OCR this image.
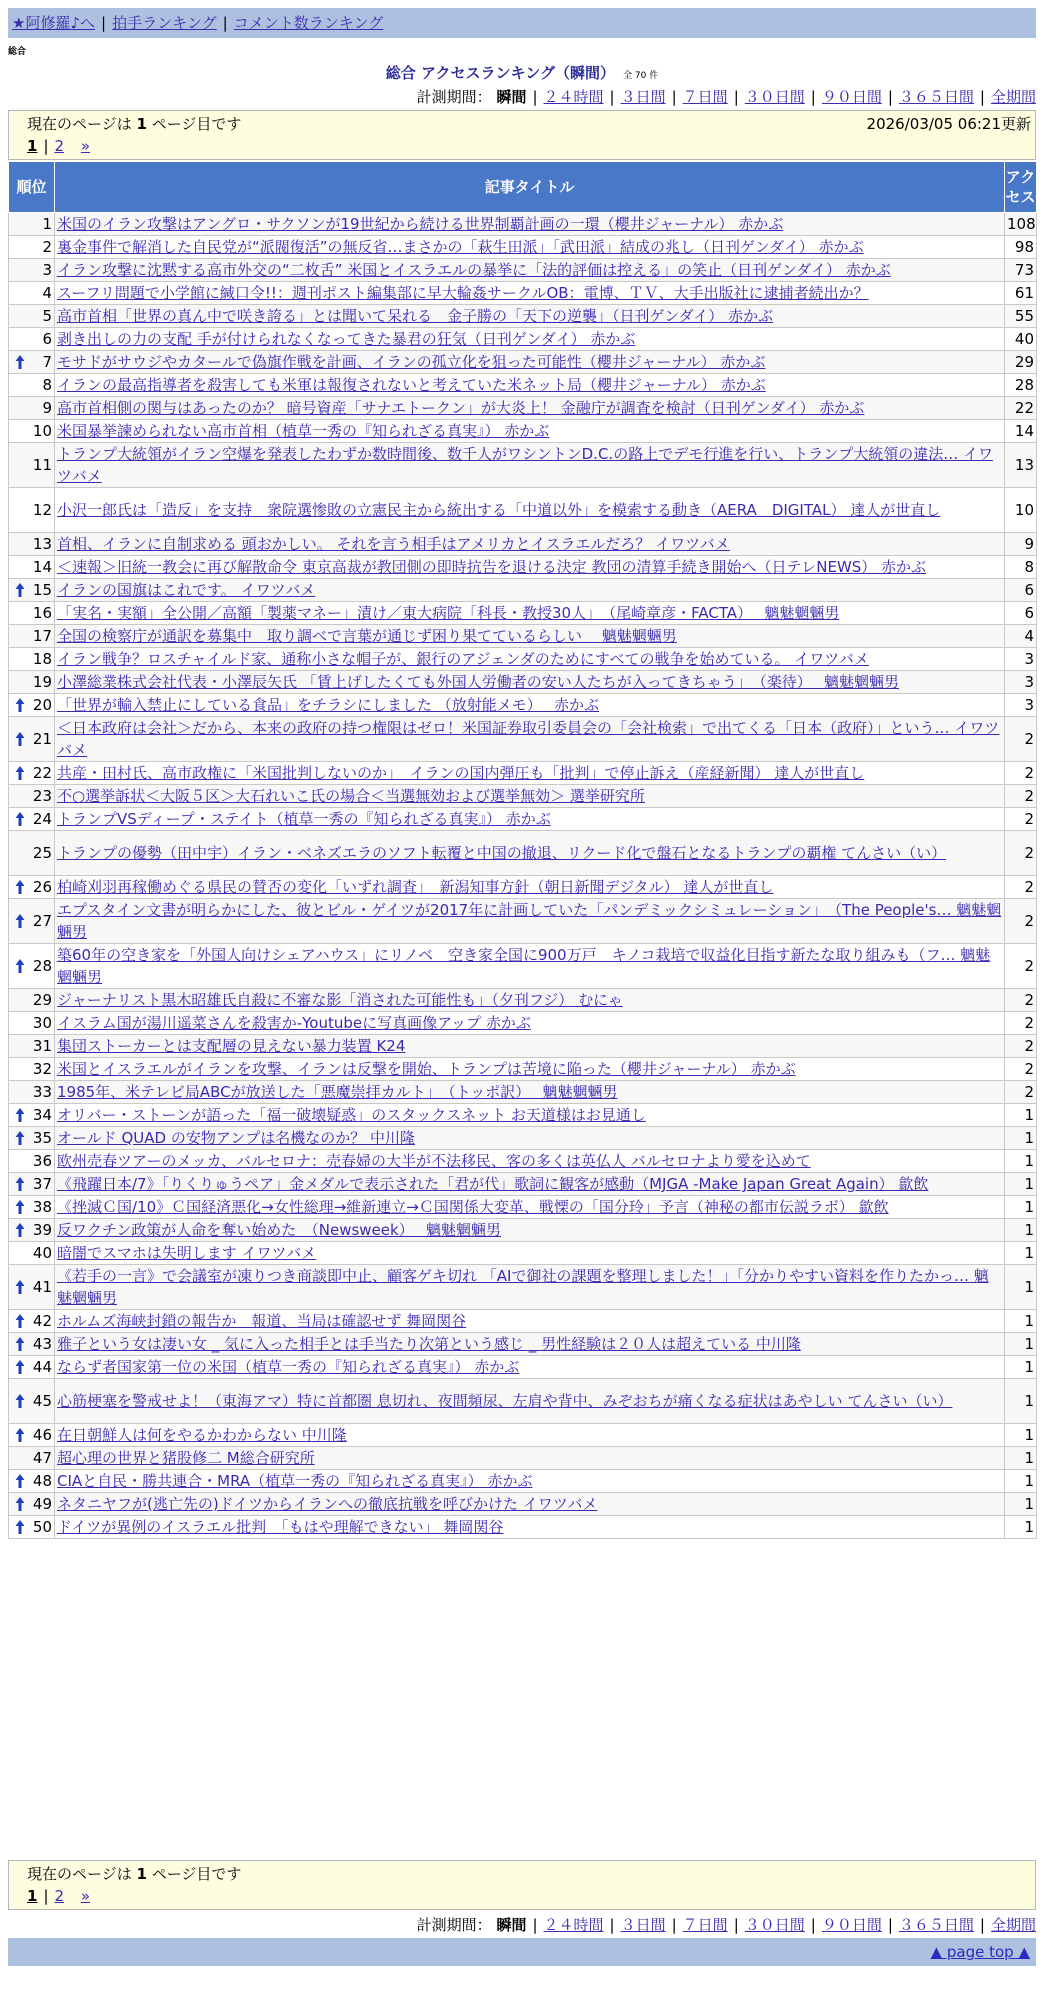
★阿修羅♪へ | 拍手ランキング | コメント数ランキング
総合
総合 アクセスランキング（瞬間） 全 70 件
計測期間： 瞬間 | ２４時間 | ３日間 | ７日間 | ３０日間 | ９０日間 | ３６５日間 | 全期間
現在のページは 1 ページ目です	2026/03/05 06:21更新
1 | 2 »
順位	記事タイトル	アクセス
1	米国のイラン攻撃はアングロ・サクソンが19世紀から続ける世界制覇計画の一環（櫻井ジャーナル） 赤かぶ	108
2	裏金事件で解消した自民党が“派閥復活”の無反省…まさかの「萩生田派」「武田派」結成の兆し（日刊ゲンダイ） 赤かぶ	98
3	イラン攻撃に沈黙する高市外交の“二枚舌” 米国とイスラエルの暴挙に「法的評価は控える」の笑止（日刊ゲンダイ） 赤かぶ	73
4	スーフリ問題で小学館に緘口令!!：週刊ポスト編集部に早大輪姦サークルOB：電博、ＴＶ、大手出版社に逮捕者続出か？	61
5	高市首相「世界の真ん中で咲き誇る」とは聞いて呆れる　金子勝の「天下の逆襲」（日刊ゲンダイ） 赤かぶ	55
6	剥き出しの力の支配 手が付けられなくなってきた暴君の狂気（日刊ゲンダイ） 赤かぶ	40

7	モサドがサウジやカタールで偽旗作戦を計画、イランの孤立化を狙った可能性（櫻井ジャーナル） 赤かぶ	29
8	イランの最高指導者を殺害しても米軍は報復されないと考えていた米ネット局（櫻井ジャーナル） 赤かぶ	28
9	高市首相側の関与はあったのか？ 暗号資産「サナエトークン」が大炎上！ 金融庁が調査を検討（日刊ゲンダイ） 赤かぶ	22
10	米国暴挙諫められない高市首相（植草一秀の『知られざる真実』） 赤かぶ	14
11	トランプ大統領がイラン空爆を発表したわずか数時間後、数千人がワシントンD.C.の路上でデモ行進を行い、トランプ大統領の違法… イワツバメ	13
12	小沢一郎氏は「造反」を支持　衆院選惨敗の立憲民主から統出する「中道以外」を模索する動き（AERA　DIGITAL） 達人が世直し	10
13	首相、イランに自制求める 頭おかしい。 それを言う相手はアメリカとイスラエルだろ？ イワツバメ	9
14	＜速報＞旧統一教会に再び解散命令 東京高裁が教団側の即時抗告を退ける決定 教団の清算手続き開始へ（日テレNEWS） 赤かぶ	8

15	イランの国旗はこれです。 イワツバメ	6
16	「実名・実額」全公開／高額「製薬マネー」漬け／東大病院「科長・教授30人」　（尾崎章彦・FACTA）　 魑魅魍魎男	6
17	全国の検察庁が通訳を募集中　取り調べで言葉が通じず困り果てているらしい　 魑魅魍魎男	4
18	イラン戦争？ロスチャイルド家、通称小さな帽子が、銀行のアジェンダのためにすべての戦争を始めている。 イワツバメ	3
19	小澤総業株式会社代表・小澤辰矢氏 「賃上げしたくても外国人労働者の安い人たちが入ってきちゃう」　（楽待）　 魑魅魍魎男	3

20	「世界が輸入禁止にしている食品」をチラシにしました （放射能メモ）　 赤かぶ	3

21	＜日本政府は会社＞だから、本来の政府の持つ権限はゼロ！米国証券取引委員会の「会社検索」で出てくる「日本（政府）」という… イワツバメ	2

22	共産・田村氏、高市政権に「米国批判しないのか」　イランの国内弾圧も「批判」で停止訴え（産経新聞） 達人が世直し	2
23	不○選挙訴状＜大阪５区＞大石れいこ氏の場合＜当選無効および選挙無効＞ 選挙研究所	2

24	トランプVSディープ・ステイト（植草一秀の『知られざる真実』） 赤かぶ	2
25	トランプの優勢（田中宇）イラン・ベネズエラのソフト転覆と中国の撤退、リクード化で盤石となるトランプの覇権 てんさい（い）	2

26	柏崎刈羽再稼働めぐる県民の賛否の変化「いずれ調査」　新潟知事方針（朝日新聞デジタル） 達人が世直し	2

27	エプスタイン文書が明らかにした、彼とビル・ゲイツが2017年に計画していた「パンデミックシミュレーション」　（The People's… 魑魅魍魎男	2

28	築60年の空き家を「外国人向けシェアハウス」にリノベ　空き家全国に900万戸　キノコ栽培で収益化目指す新たな取り組みも（フ… 魑魅魍魎男	2
29	ジャーナリスト黒木昭雄氏自殺に不審な影「消された可能性も」（夕刊フジ） むにゃ	2
30	イスラム国が湯川遥菜さんを殺害か-Youtubeに写真画像アップ 赤かぶ	2
31	集団ストーカーとは支配層の見えない暴力装置 K24	2
32	米国とイスラエルがイランを攻撃、イランは反撃を開始、トランプは苦境に陥った（櫻井ジャーナル） 赤かぶ	2
33	1985年、米テレビ局ABCが放送した「悪魔崇拝カルト」　（トッポ訳）　 魑魅魍魎男	2

34	オリバー・ストーンが語った「福一破壊疑惑」のスタックスネット お天道様はお見通し	1

35	オールド QUAD の安物アンプは名機なのか？ 中川隆	1
36	欧州売春ツアーのメッカ、バルセロナ：売春婦の大半が不法移民、客の多くは英仏人 バルセロナより愛を込めて	1

37	《飛躍日本/7》「りくりゅうペア」金メダルで表示された「君が代」歌詞に観客が感動（MJGA -Make Japan Great Again） 歙飲	1

38	《挫滅Ｃ国/10》Ｃ国経済悪化→女性総理→維新連立→Ｃ国関係大変革、戦慄の「国分玲」予言（神秘の都市伝説ラボ） 歙飲	1

39	反ワクチン政策が人命を奪い始めた　（Newsweek）　 魑魅魍魎男	1
40	暗闇でスマホは失明します イワツバメ	1

41	《若手の一言》で会議室が凍りつき商談即中止、顧客ゲキ切れ 「AIで御社の課題を整理しました！」「分かりやすい資料を作りたかっ… 魑魅魍魎男	1

42	ホルムズ海峡封鎖の報告か　報道、当局は確認せず 舞岡関谷	1

43	雅子という女は凄い女 _ 気に入った相手とは手当たり次第という感じ _ 男性経験は２０人は超えている 中川隆	1

44	ならず者国家第一位の米国（植草一秀の『知られざる真実』） 赤かぶ	1

45	心筋梗塞を警戒せよ！（東海アマ）特に首都圏 息切れ、夜間頻尿、左肩や背中、みぞおちが痛くなる症状はあやしい てんさい（い）	1

46	在日朝鮮人は何をやるかわからない 中川隆	1
47	超心理の世界と猪股修二 M総合研究所	1

48	CIAと自民・勝共連合・MRA（植草一秀の『知られざる真実』） 赤かぶ	1

49	ネタニヤフが(逃亡先の)ドイツからイランへの徹底抗戦を呼びかけた イワツバメ	1

50	ドイツが異例のイスラエル批判　「もはや理解できない」 舞岡関谷	1
現在のページは 1 ページ目です
1 | 2 »
計測期間： 瞬間 | ２４時間 | ３日間 | ７日間 | ３０日間 | ９０日間 | ３６５日間 | 全期間
▲ page top ▲
